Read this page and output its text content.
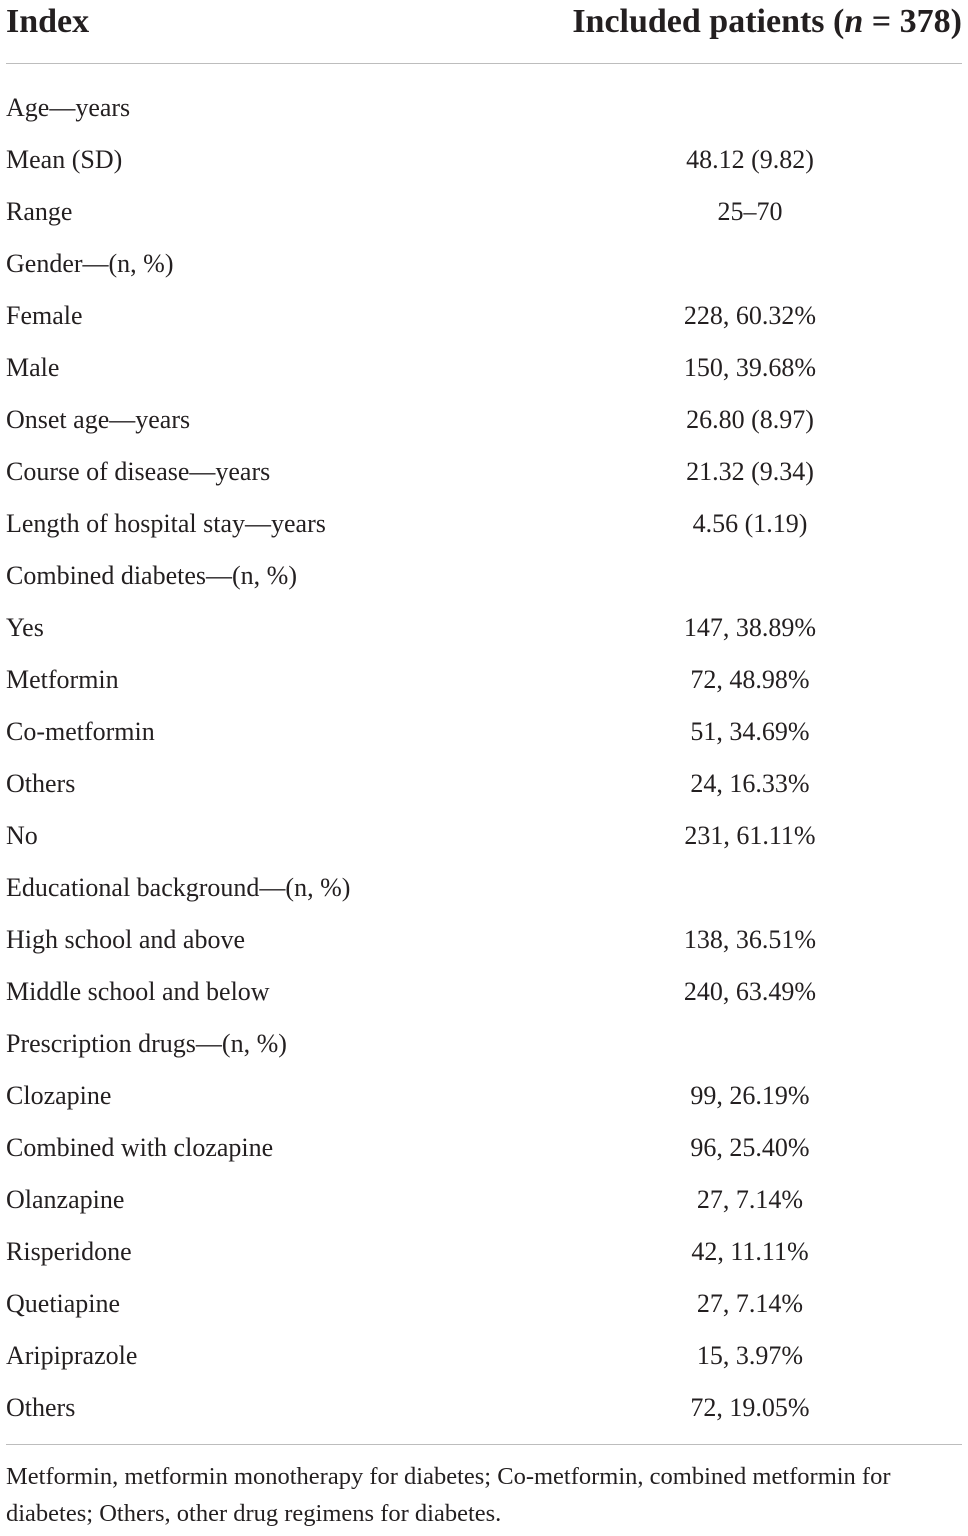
Index	Included patients (n = 378)
Age—years
Mean (SD)	48.12 (9.82)
Range	25–70
Gender—(n, %)
Female	228, 60.32%
Male	150, 39.68%
Onset age—years	26.80 (8.97)
Course of disease—years	21.32 (9.34)
Length of hospital stay—years	4.56 (1.19)
Combined diabetes—(n, %)
Yes	147, 38.89%
Metformin	72, 48.98%
Co-metformin	51, 34.69%
Others	24, 16.33%
No	231, 61.11%
Educational background—(n, %)
High school and above	138, 36.51%
Middle school and below	240, 63.49%
Prescription drugs—(n, %)
Clozapine	99, 26.19%
Combined with clozapine	96, 25.40%
Olanzapine	27, 7.14%
Risperidone	42, 11.11%
Quetiapine	27, 7.14%
Aripiprazole	15, 3.97%
Others	72, 19.05%
Metformin, metformin monotherapy for diabetes; Co-metformin, combined metformin for diabetes; Others, other drug regimens for diabetes.
